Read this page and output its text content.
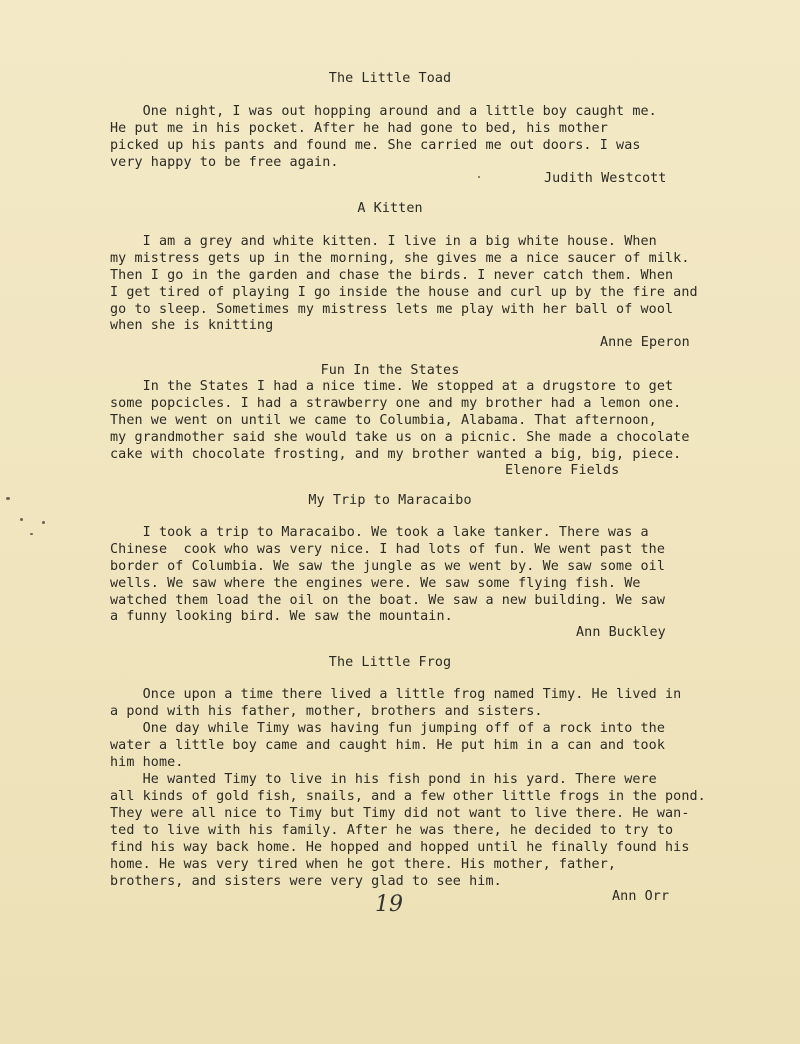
The Little Toad
One night, I was out hopping around and a little boy caught me.
He put me in his pocket. After he had gone to bed, his mother
picked up his pants and found me. She carried me out doors. I was
very happy to be free again.
Judith Westcott
A Kitten
I am a grey and white kitten. I live in a big white house. When
my mistress gets up in the morning, she gives me a nice saucer of milk.
Then I go in the garden and chase the birds. I never catch them. When
I get tired of playing I go inside the house and curl up by the fire and
go to sleep. Sometimes my mistress lets me play with her ball of wool
when she is knitting
Anne Eperon
Fun In the States
In the States I had a nice time. We stopped at a drugstore to get
some popcicles. I had a strawberry one and my brother had a lemon one.
Then we went on until we came to Columbia, Alabama. That afternoon,
my grandmother said she would take us on a picnic. She made a chocolate
cake with chocolate frosting, and my brother wanted a big, big, piece.
Elenore Fields
My Trip to Maracaibo
I took a trip to Maracaibo. We took a lake tanker. There was a
Chinese  cook who was very nice. I had lots of fun. We went past the
border of Columbia. We saw the jungle as we went by. We saw some oil
wells. We saw where the engines were. We saw some flying fish. We
watched them load the oil on the boat. We saw a new building. We saw
a funny looking bird. We saw the mountain.
Ann Buckley
The Little Frog
Once upon a time there lived a little frog named Timy. He lived in
a pond with his father, mother, brothers and sisters.
One day while Timy was having fun jumping off of a rock into the
water a little boy came and caught him. He put him in a can and took
him home.
He wanted Timy to live in his fish pond in his yard. There were
all kinds of gold fish, snails, and a few other little frogs in the pond.
They were all nice to Timy but Timy did not want to live there. He wan-
ted to live with his family. After he was there, he decided to try to
find his way back home. He hopped and hopped until he finally found his
home. He was very tired when he got there. His mother, father,
brothers, and sisters were very glad to see him.
Ann Orr
19
